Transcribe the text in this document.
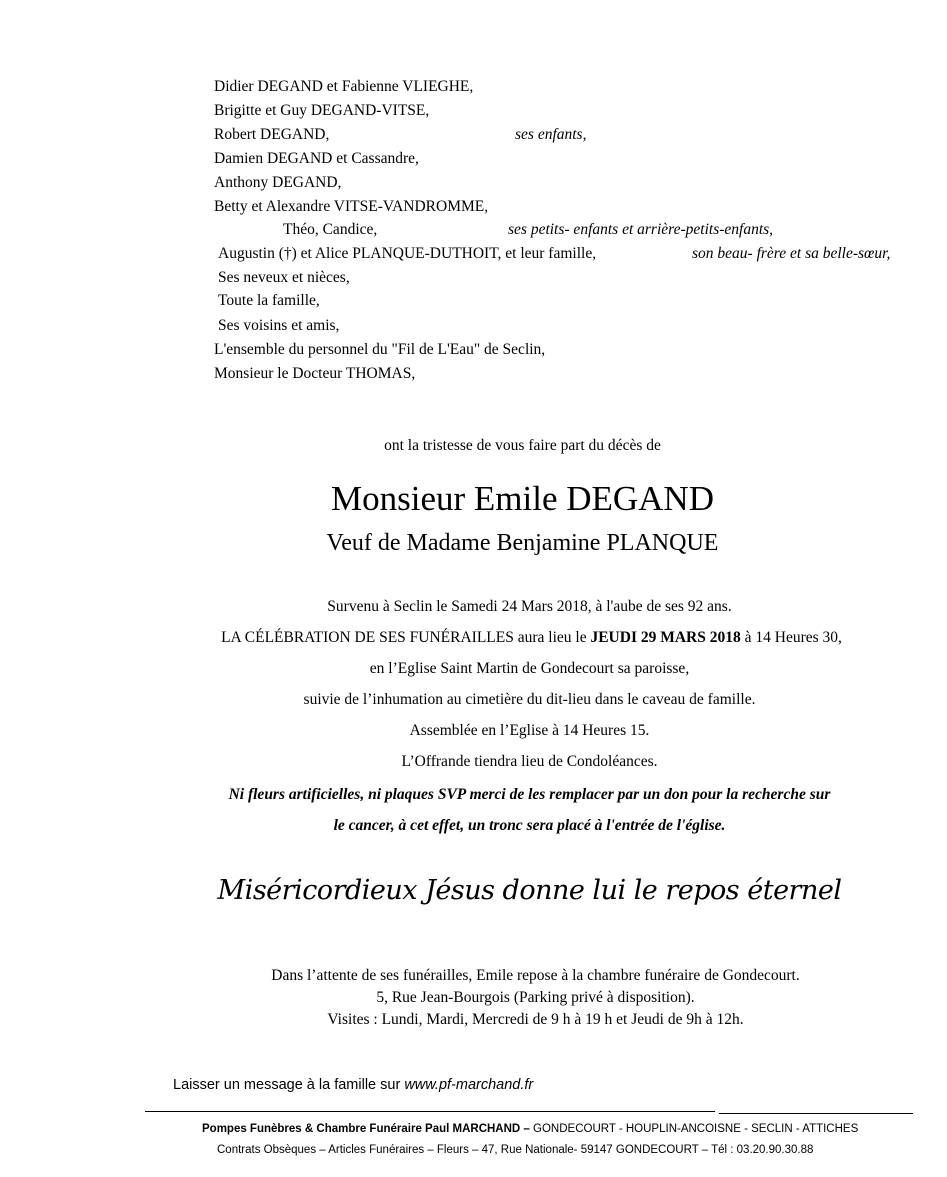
Didier DEGAND et Fabienne VLIEGHE,
Brigitte et Guy DEGAND-VITSE,
Robert DEGAND,	ses enfants,
Damien DEGAND et Cassandre,
Anthony DEGAND,
Betty et Alexandre VITSE-VANDROMME,
Théo, Candice,	ses petits- enfants et arrière-petits-enfants,
Augustin (†) et Alice PLANQUE-DUTHOIT, et leur famille,	son beau- frère et sa belle-sœur,
Ses neveux et nièces,
Toute la famille,
Ses voisins et amis,
L'ensemble du personnel du "Fil de L'Eau" de Seclin,
Monsieur le Docteur THOMAS,
ont la tristesse de vous faire part du décès de
Monsieur Emile DEGAND
Veuf de Madame Benjamine PLANQUE
Survenu à Seclin le Samedi 24 Mars 2018, à l'aube de ses 92 ans.
LA CÉLÉBRATION DE SES FUNÉRAILLES aura lieu le JEUDI 29 MARS 2018 à 14 Heures 30,
en l’Eglise Saint Martin de Gondecourt sa paroisse,
suivie de l’inhumation au cimetière du dit-lieu dans le caveau de famille.
Assemblée en l’Eglise à 14 Heures 15.
L’Offrande tiendra lieu de Condoléances.
Ni fleurs artificielles, ni plaques SVP merci de les remplacer par un don pour la recherche sur
le cancer, à cet effet, un tronc sera placé à l'entrée de l'église.
Miséricordieux Jésus donne lui le repos éternel
Dans l’attente de ses funérailles, Emile repose à la chambre funéraire de Gondecourt.
5, Rue Jean-Bourgois (Parking privé à disposition).
Visites : Lundi, Mardi, Mercredi de 9 h à 19 h et Jeudi de 9h à 12h.
Laisser un message à la famille sur www.pf-marchand.fr
Pompes Funèbres & Chambre Funéraire Paul MARCHAND – GONDECOURT - HOUPLIN-ANCOISNE - SECLIN - ATTICHES
Contrats Obsèques – Articles Funéraires – Fleurs – 47, Rue Nationale- 59147 GONDECOURT – Tél : 03.20.90.30.88
